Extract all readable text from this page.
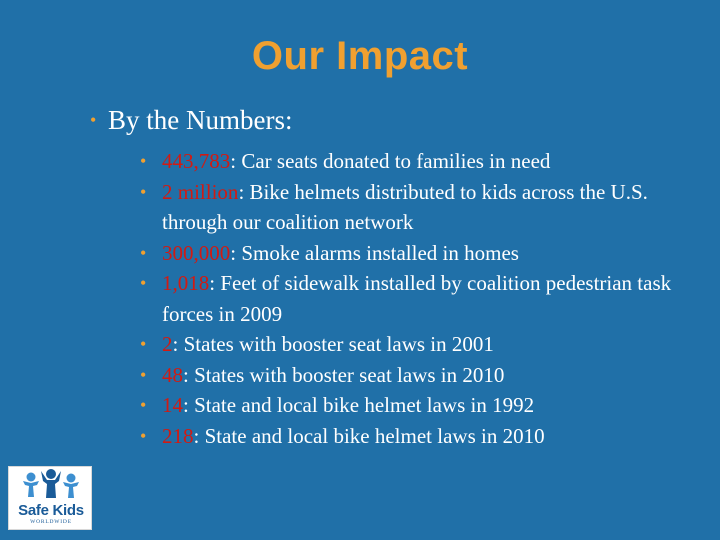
Our Impact
• By the Numbers:
• 443,783: Car seats donated to families in need
• 2 million: Bike helmets distributed to kids across the U.S. through our coalition network
• 300,000: Smoke alarms installed in homes
• 1,018: Feet of sidewalk installed by coalition pedestrian task forces in 2009
• 2: States with booster seat laws in 2001
• 48: States with booster seat laws in 2010
• 14: State and local bike helmet laws in 1992
• 218: State and local bike helmet laws in 2010
Safe Kids
WORLDWIDE
